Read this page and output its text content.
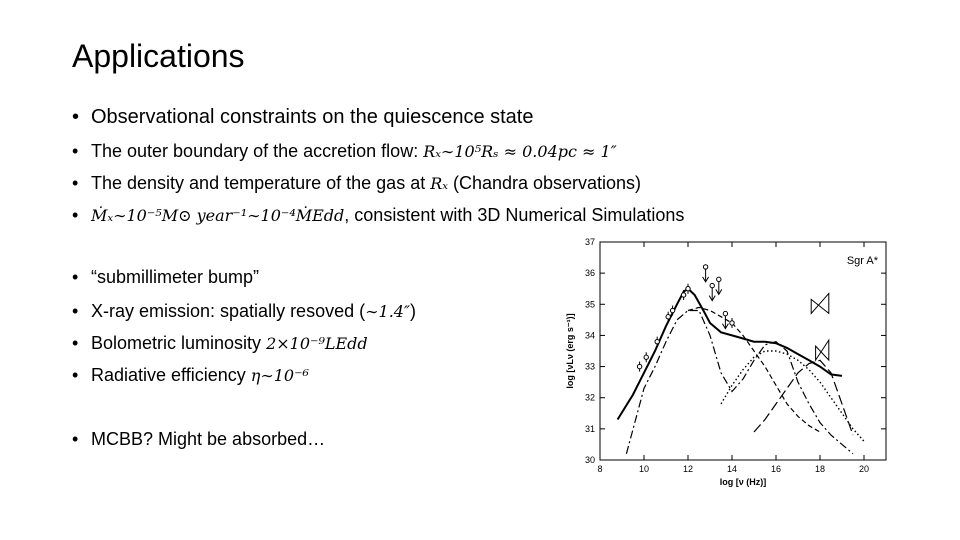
Applications
Observational constraints on the quiescence state
The outer boundary of the accretion flow: Rₓ∼10⁵Rₛ ≈ 0.04pc ≈ 1″
The density and temperature of the gas at Rₓ (Chandra observations)
Ṁₓ∼10⁻⁵M⊙ year⁻¹∼10⁻⁴ṀEdd, consistent with 3D Numerical Simulations
“submillimeter bump”
X-ray emission: spatially resoved (∼1.4″)
Bolometric luminosity 2×10⁻⁹LEdd
Radiative efficiency η∼10⁻⁶
MCBB? Might be absorbed…
8	10	12	14	16	18	20
30
31
32
33
34
35
36
37
log [ν (Hz)]
log [νLν (erg s⁻¹)]
Sgr A*
